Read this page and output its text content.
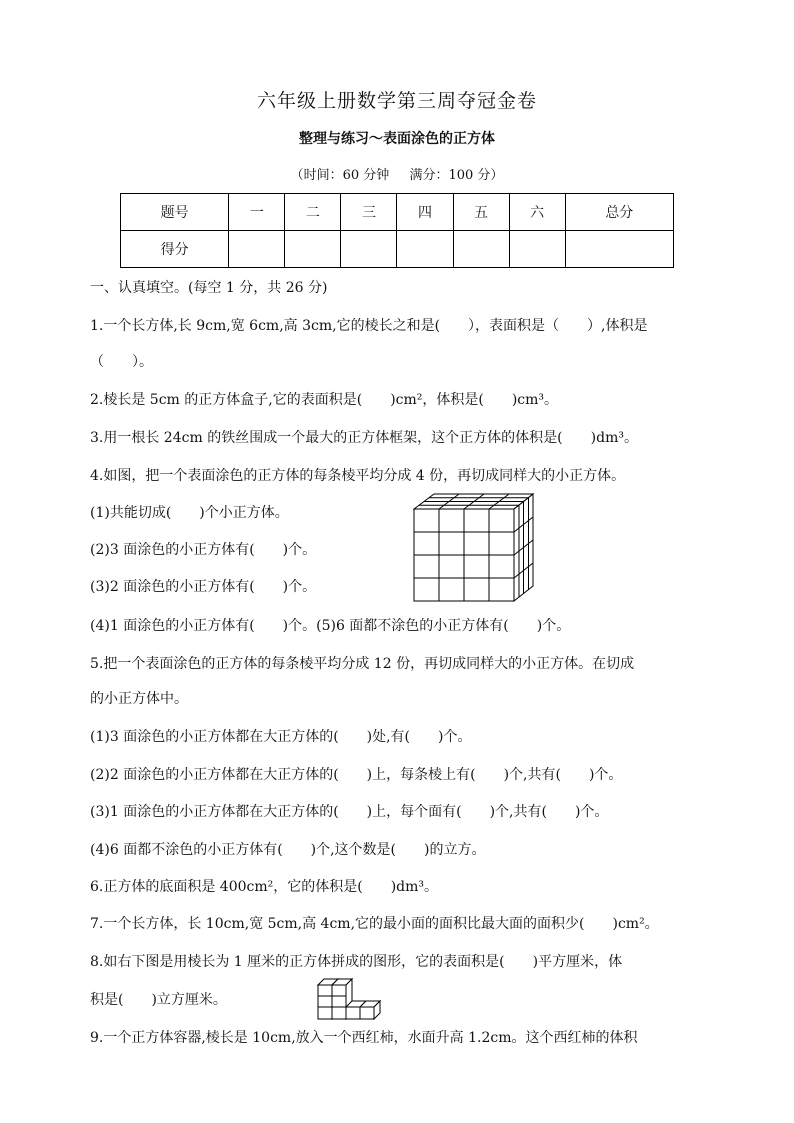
六年级上册数学第三周夺冠金卷
整理与练习～表面涂色的正方体
（时间：60 分钟 满分：100 分）
题号	一	二	三	四	五	六	总分
得分							
一、认真填空。(每空 1 分，共 26 分)
1.一个长方体,长 9cm,宽 6cm,高 3cm,它的棱长之和是(　　），表面积是（　　）,体积是
（　　）。
2.棱长是 5cm 的正方体盒子,它的表面积是(　　)cm²，体积是(　　)cm³。
3.用一根长 24cm 的铁丝围成一个最大的正方体框架，这个正方体的体积是(　　)dm³。
4.如图，把一个表面涂色的正方体的每条棱平均分成 4 份，再切成同样大的小正方体。
(1)共能切成(　　)个小正方体。
(2)3 面涂色的小正方体有(　　)个。
(3)2 面涂色的小正方体有(　　)个。
(4)1 面涂色的小正方体有(　　)个。(5)6 面都不涂色的小正方体有(　　)个。
5.把一个表面涂色的正方体的每条棱平均分成 12 份，再切成同样大的小正方体。在切成
的小正方体中。
(1)3 面涂色的小正方体都在大正方体的(　　)处,有(　　)个。
(2)2 面涂色的小正方体都在大正方体的(　　)上，每条棱上有(　　)个,共有(　　)个。
(3)1 面涂色的小正方体都在大正方体的(　　)上，每个面有(　　)个,共有(　　)个。
(4)6 面都不涂色的小正方体有(　　)个,这个数是(　　)的立方。
6.正方体的底面积是 400cm²，它的体积是(　　)dm³。
7.一个长方体，长 10cm,宽 5cm,高 4cm,它的最小面的面积比最大面的面积少(　　)cm²。
8.如右下图是用棱长为 1 厘米的正方体拼成的图形，它的表面积是(　　)平方厘米，体
积是(　　)立方厘米。
9.一个正方体容器,棱长是 10cm,放入一个西红柿，水面升高 1.2cm。这个西红柿的体积
